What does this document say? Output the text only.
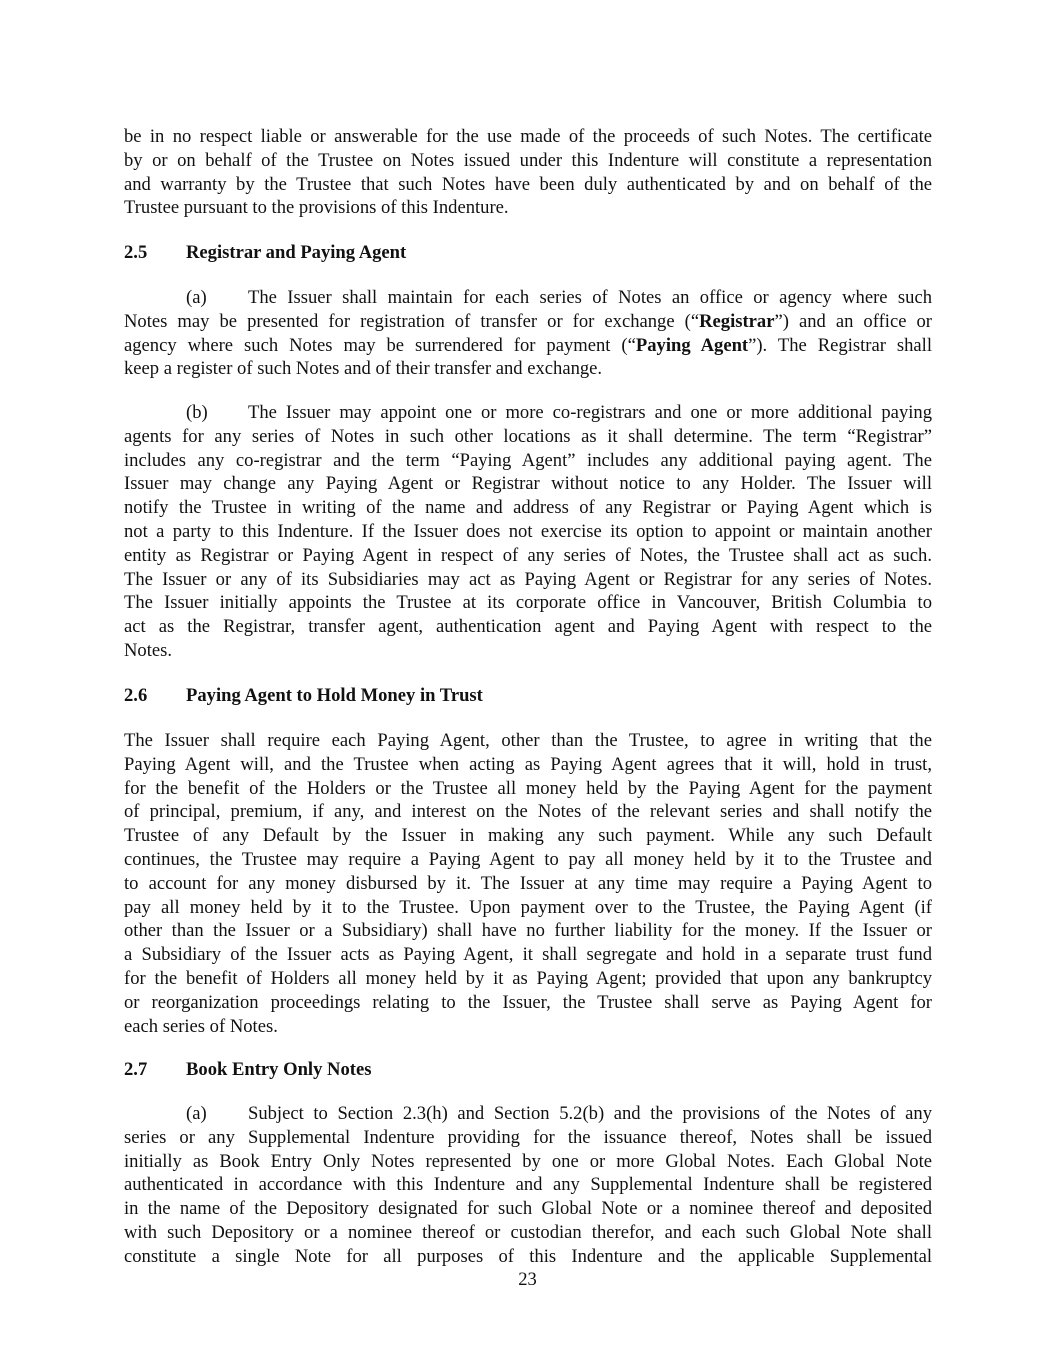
be in no respect liable or answerable for the use made of the proceeds of such Notes. The certificate
by or on behalf of the Trustee on Notes issued under this Indenture will constitute a representation
and warranty by the Trustee that such Notes have been duly authenticated by and on behalf of the
Trustee pursuant to the provisions of this Indenture.
2.5 Registrar and Paying Agent
(a) The Issuer shall maintain for each series of Notes an office or agency where such
Notes may be presented for registration of transfer or for exchange (“Registrar”) and an office or
agency where such Notes may be surrendered for payment (“Paying Agent”). The Registrar shall
keep a register of such Notes and of their transfer and exchange.
(b) The Issuer may appoint one or more co-registrars and one or more additional paying
agents for any series of Notes in such other locations as it shall determine. The term “Registrar”
includes any co-registrar and the term “Paying Agent” includes any additional paying agent. The
Issuer may change any Paying Agent or Registrar without notice to any Holder. The Issuer will
notify the Trustee in writing of the name and address of any Registrar or Paying Agent which is
not a party to this Indenture. If the Issuer does not exercise its option to appoint or maintain another
entity as Registrar or Paying Agent in respect of any series of Notes, the Trustee shall act as such.
The Issuer or any of its Subsidiaries may act as Paying Agent or Registrar for any series of Notes.
The Issuer initially appoints the Trustee at its corporate office in Vancouver, British Columbia to
act as the Registrar, transfer agent, authentication agent and Paying Agent with respect to the
Notes.
2.6 Paying Agent to Hold Money in Trust
The Issuer shall require each Paying Agent, other than the Trustee, to agree in writing that the
Paying Agent will, and the Trustee when acting as Paying Agent agrees that it will, hold in trust,
for the benefit of the Holders or the Trustee all money held by the Paying Agent for the payment
of principal, premium, if any, and interest on the Notes of the relevant series and shall notify the
Trustee of any Default by the Issuer in making any such payment. While any such Default
continues, the Trustee may require a Paying Agent to pay all money held by it to the Trustee and
to account for any money disbursed by it. The Issuer at any time may require a Paying Agent to
pay all money held by it to the Trustee. Upon payment over to the Trustee, the Paying Agent (if
other than the Issuer or a Subsidiary) shall have no further liability for the money. If the Issuer or
a Subsidiary of the Issuer acts as Paying Agent, it shall segregate and hold in a separate trust fund
for the benefit of Holders all money held by it as Paying Agent; provided that upon any bankruptcy
or reorganization proceedings relating to the Issuer, the Trustee shall serve as Paying Agent for
each series of Notes.
2.7 Book Entry Only Notes
(a) Subject to Section 2.3(h) and Section 5.2(b) and the provisions of the Notes of any
series or any Supplemental Indenture providing for the issuance thereof, Notes shall be issued
initially as Book Entry Only Notes represented by one or more Global Notes. Each Global Note
authenticated in accordance with this Indenture and any Supplemental Indenture shall be registered
in the name of the Depository designated for such Global Note or a nominee thereof and deposited
with such Depository or a nominee thereof or custodian therefor, and each such Global Note shall
constitute a single Note for all purposes of this Indenture and the applicable Supplemental
23
